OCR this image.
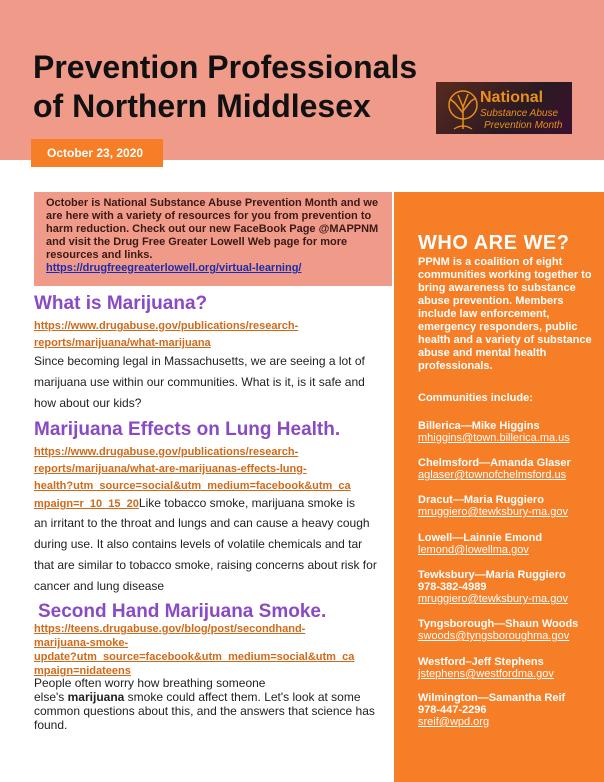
Prevention Professionals
of Northern Middlesex	National
Substance Abuse
Prevention Month
October 23, 2020

October is National Substance Abuse Prevention Month and we are here with a variety of resources for you from prevention to harm reduction. Check out our new FaceBook Page @MAPPNM and visit the Drug Free Greater Lowell Web page for more resources and links.
https://drugfreegreaterlowell.org/virtual-learning/

What is Marijuana?
https://www.drugabuse.gov/publications/research-
reports/marijuana/what-marijuana
Since becoming legal in Massachusetts, we are seeing a lot of
marijuana use within our communities. What is it, is it safe and
how about our kids?
Marijuana Effects on Lung Health.
https://www.drugabuse.gov/publications/research-
reports/marijuana/what-are-marijuanas-effects-lung-
health?utm_source=social&utm_medium=facebook&utm_ca
mpaign=r_10_15_20Like tobacco smoke, marijuana smoke is
an irritant to the throat and lungs and can cause a heavy cough
during use. It also contains levels of volatile chemicals and tar
that are similar to tobacco smoke, raising concerns about risk for
cancer and lung disease
Second Hand Marijuana Smoke.
https://teens.drugabuse.gov/blog/post/secondhand-
marijuana-smoke-
update?utm_source=facebook&utm_medium=social&utm_ca
mpaign=nidateens
People often worry how breathing someone
else's marijuana smoke could affect them. Let's look at some
common questions about this, and the answers that science has
found.
WHO ARE WE?

PPNM is a coalition of eight communities working together to bring awareness to substance abuse prevention. Members include law enforcement, emergency responders, public health and a variety of substance abuse and mental health professionals.

Communities include:

Billerica—Mike Higgins
mhiggins@town.billerica.ma.us
Chelmsford—Amanda Glaser
aglaser@townofchelmsford.us
Dracut—Maria Ruggiero
mruggiero@tewksbury-ma.gov
Lowell—Lainnie Emond
lemond@lowellma.gov
Tewksbury—Maria Ruggiero
978-382-4989
mruggiero@tewksbury-ma.gov
Tyngsborough—Shaun Woods
swoods@tyngsboroughma.gov
Westford–Jeff Stephens
jstephens@westfordma.gov
Wilmington—Samantha Reif
978-447-2296
sreif@wpd.org
